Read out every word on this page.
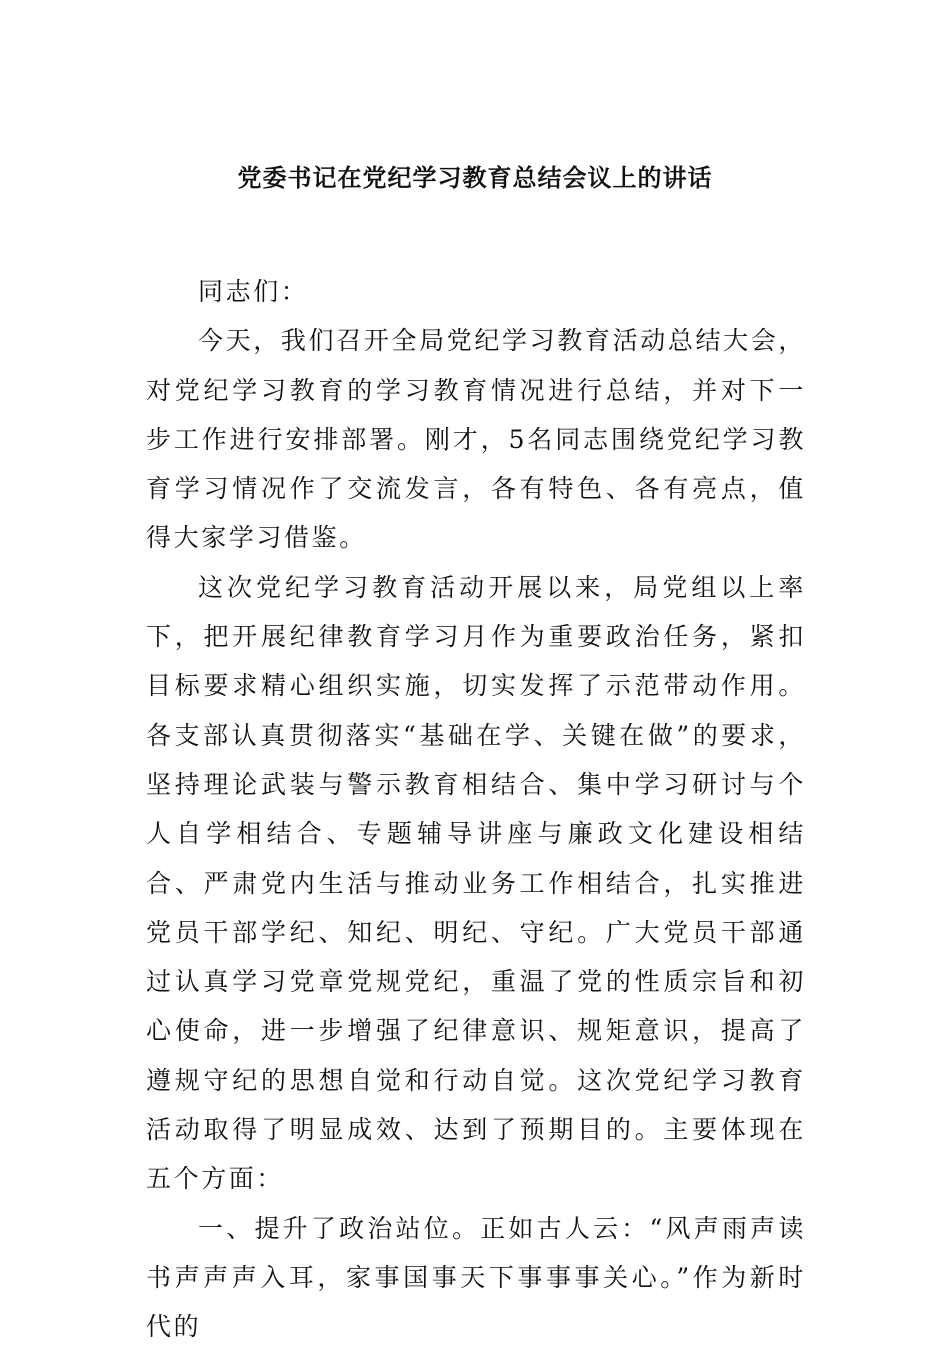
党委书记在党纪学习教育总结会议上的讲话

同志们：

今天，我们召开全局党纪学习教育活动总结大会，对党纪学习教育的学习教育情况进行总结，并对下一步工作进行安排部署。刚才，5名同志围绕党纪学习教育学习情况作了交流发言，各有特色、各有亮点，值得大家学习借鉴。

这次党纪学习教育活动开展以来，局党组以上率下，把开展纪律教育学习月作为重要政治任务，紧扣目标要求精心组织实施，切实发挥了示范带动作用。各支部认真贯彻落实“基础在学、关键在做”的要求，坚持理论武装与警示教育相结合、集中学习研讨与个人自学相结合、专题辅导讲座与廉政文化建设相结合、严肃党内生活与推动业务工作相结合，扎实推进党员干部学纪、知纪、明纪、守纪。广大党员干部通过认真学习党章党规党纪，重温了党的性质宗旨和初心使命，进一步增强了纪律意识、规矩意识，提高了遵规守纪的思想自觉和行动自觉。这次党纪学习教育活动取得了明显成效、达到了预期目的。主要体现在五个方面：

一、提升了政治站位。正如古人云：“风声雨声读书声声声入耳，家事国事天下事事事关心。”作为新时代的
